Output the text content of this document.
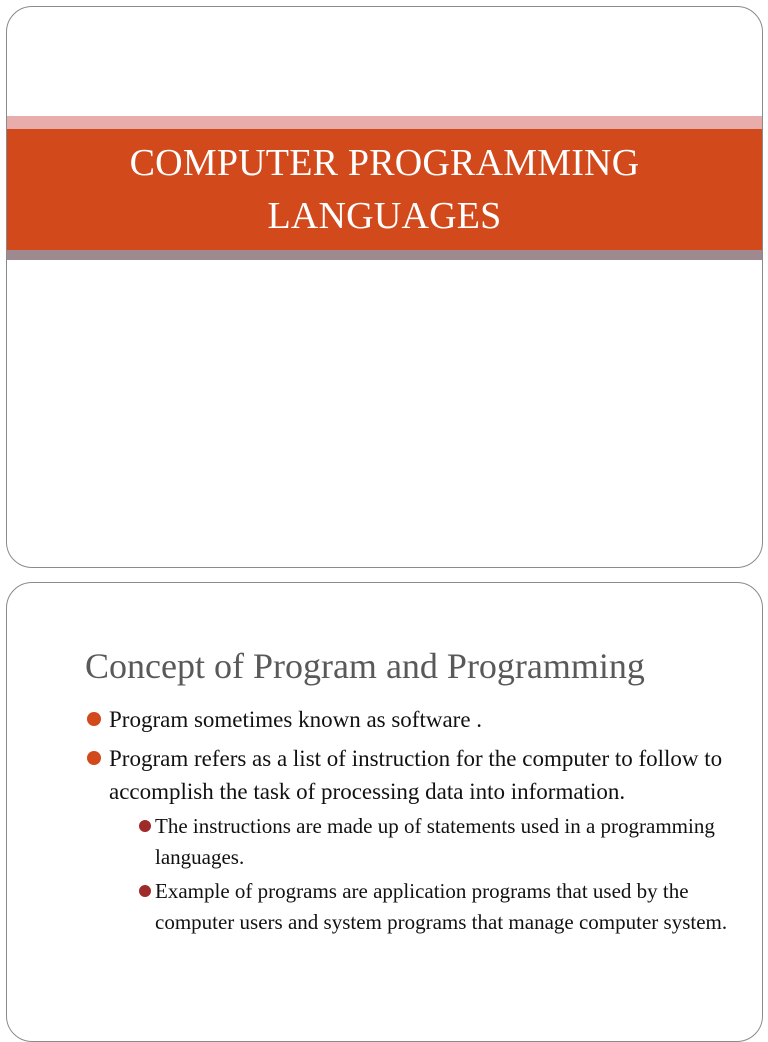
COMPUTER PROGRAMMING
LANGUAGES
Concept of Program and Programming
Program sometimes known as software .
Program refers as a list of instruction for the computer to follow to accomplish the task of processing data into information.
The instructions are made up of statements used in a programming languages.
Example of programs are application programs that used by the computer users and system programs that manage computer system.
